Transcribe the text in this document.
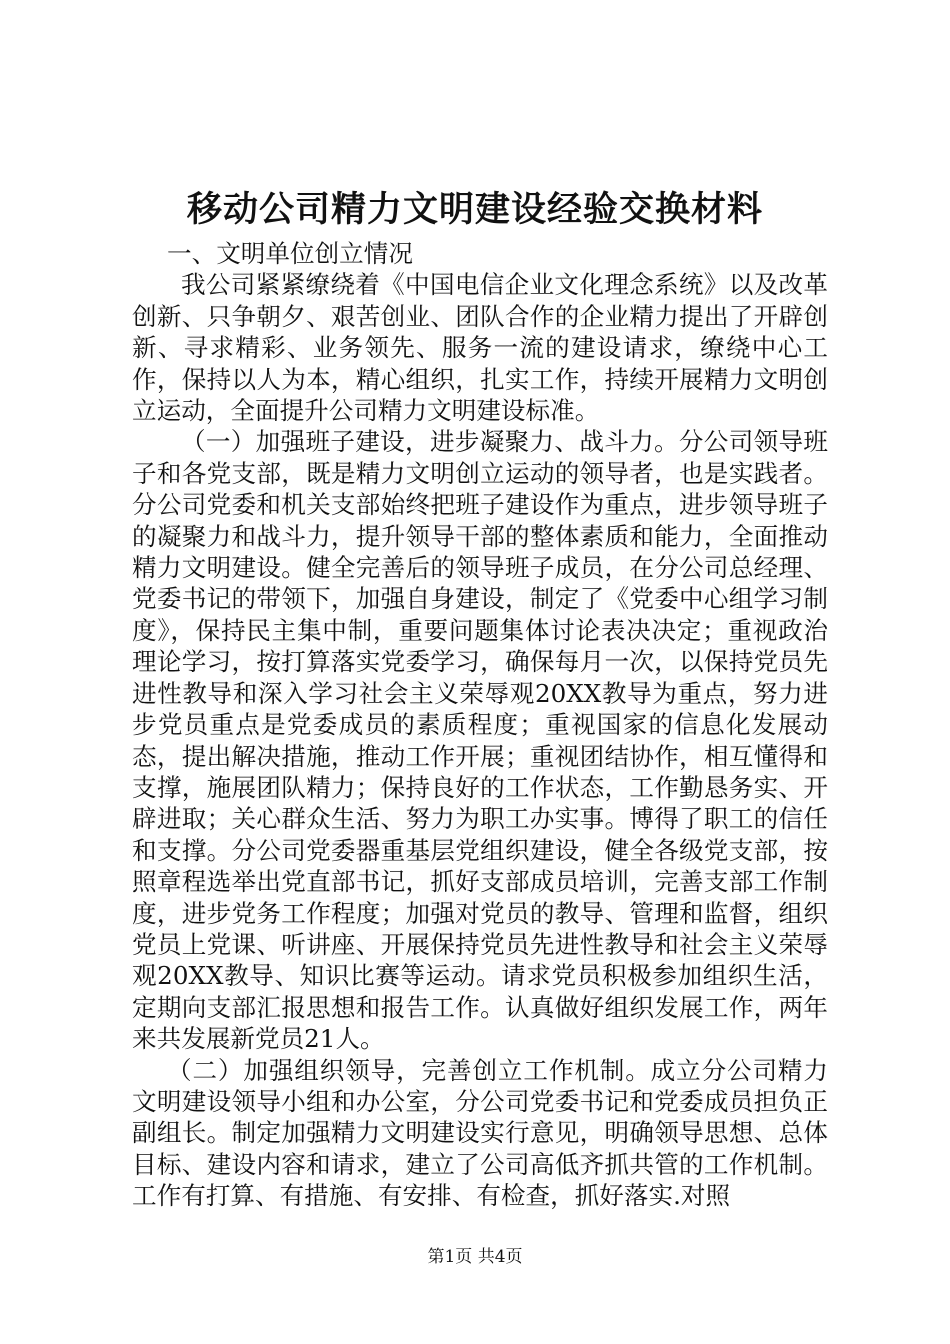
移动公司精力文明建设经验交换材料

一、文明单位创立情况

我公司紧紧缭绕着《中国电信企业文化理念系统》以及改革创新、只争朝夕、艰苦创业、团队合作的企业精力提出了开辟创新、寻求精彩、业务领先、服务一流的建设请求，缭绕中心工作，保持以人为本，精心组织，扎实工作，持续开展精力文明创立运动，全面提升公司精力文明建设标准。

（一）加强班子建设，进步凝聚力、战斗力。分公司领导班子和各党支部，既是精力文明创立运动的领导者，也是实践者。分公司党委和机关支部始终把班子建设作为重点，进步领导班子的凝聚力和战斗力，提升领导干部的整体素质和能力，全面推动精力文明建设。健全完善后的领导班子成员，在分公司总经理、党委书记的带领下，加强自身建设，制定了《党委中心组学习制度》，保持民主集中制，重要问题集体讨论表决决定；重视政治理论学习，按打算落实党委学习，确保每月一次，以保持党员先进性教导和深入学习社会主义荣辱观20XX教导为重点，努力进步党员重点是党委成员的素质程度；重视国家的信息化发展动态，提出解决措施，推动工作开展；重视团结协作，相互懂得和支撑，施展团队精力；保持良好的工作状态，工作勤恳务实、开辟进取；关心群众生活、努力为职工办实事。博得了职工的信任和支撑。分公司党委器重基层党组织建设，健全各级党支部，按照章程选举出党直部书记，抓好支部成员培训，完善支部工作制度，进步党务工作程度；加强对党员的教导、管理和监督，组织党员上党课、听讲座、开展保持党员先进性教导和社会主义荣辱观20XX教导、知识比赛等运动。请求党员积极参加组织生活，定期向支部汇报思想和报告工作。认真做好组织发展工作，两年来共发展新党员21人。

（二）加强组织领导，完善创立工作机制。成立分公司精力文明建设领导小组和办公室，分公司党委书记和党委成员担负正副组长。制定加强精力文明建设实行意见，明确领导思想、总体目标、建设内容和请求，建立了公司高低齐抓共管的工作机制。工作有打算、有措施、有安排、有检查，抓好落实.对照

第1页 共4页
